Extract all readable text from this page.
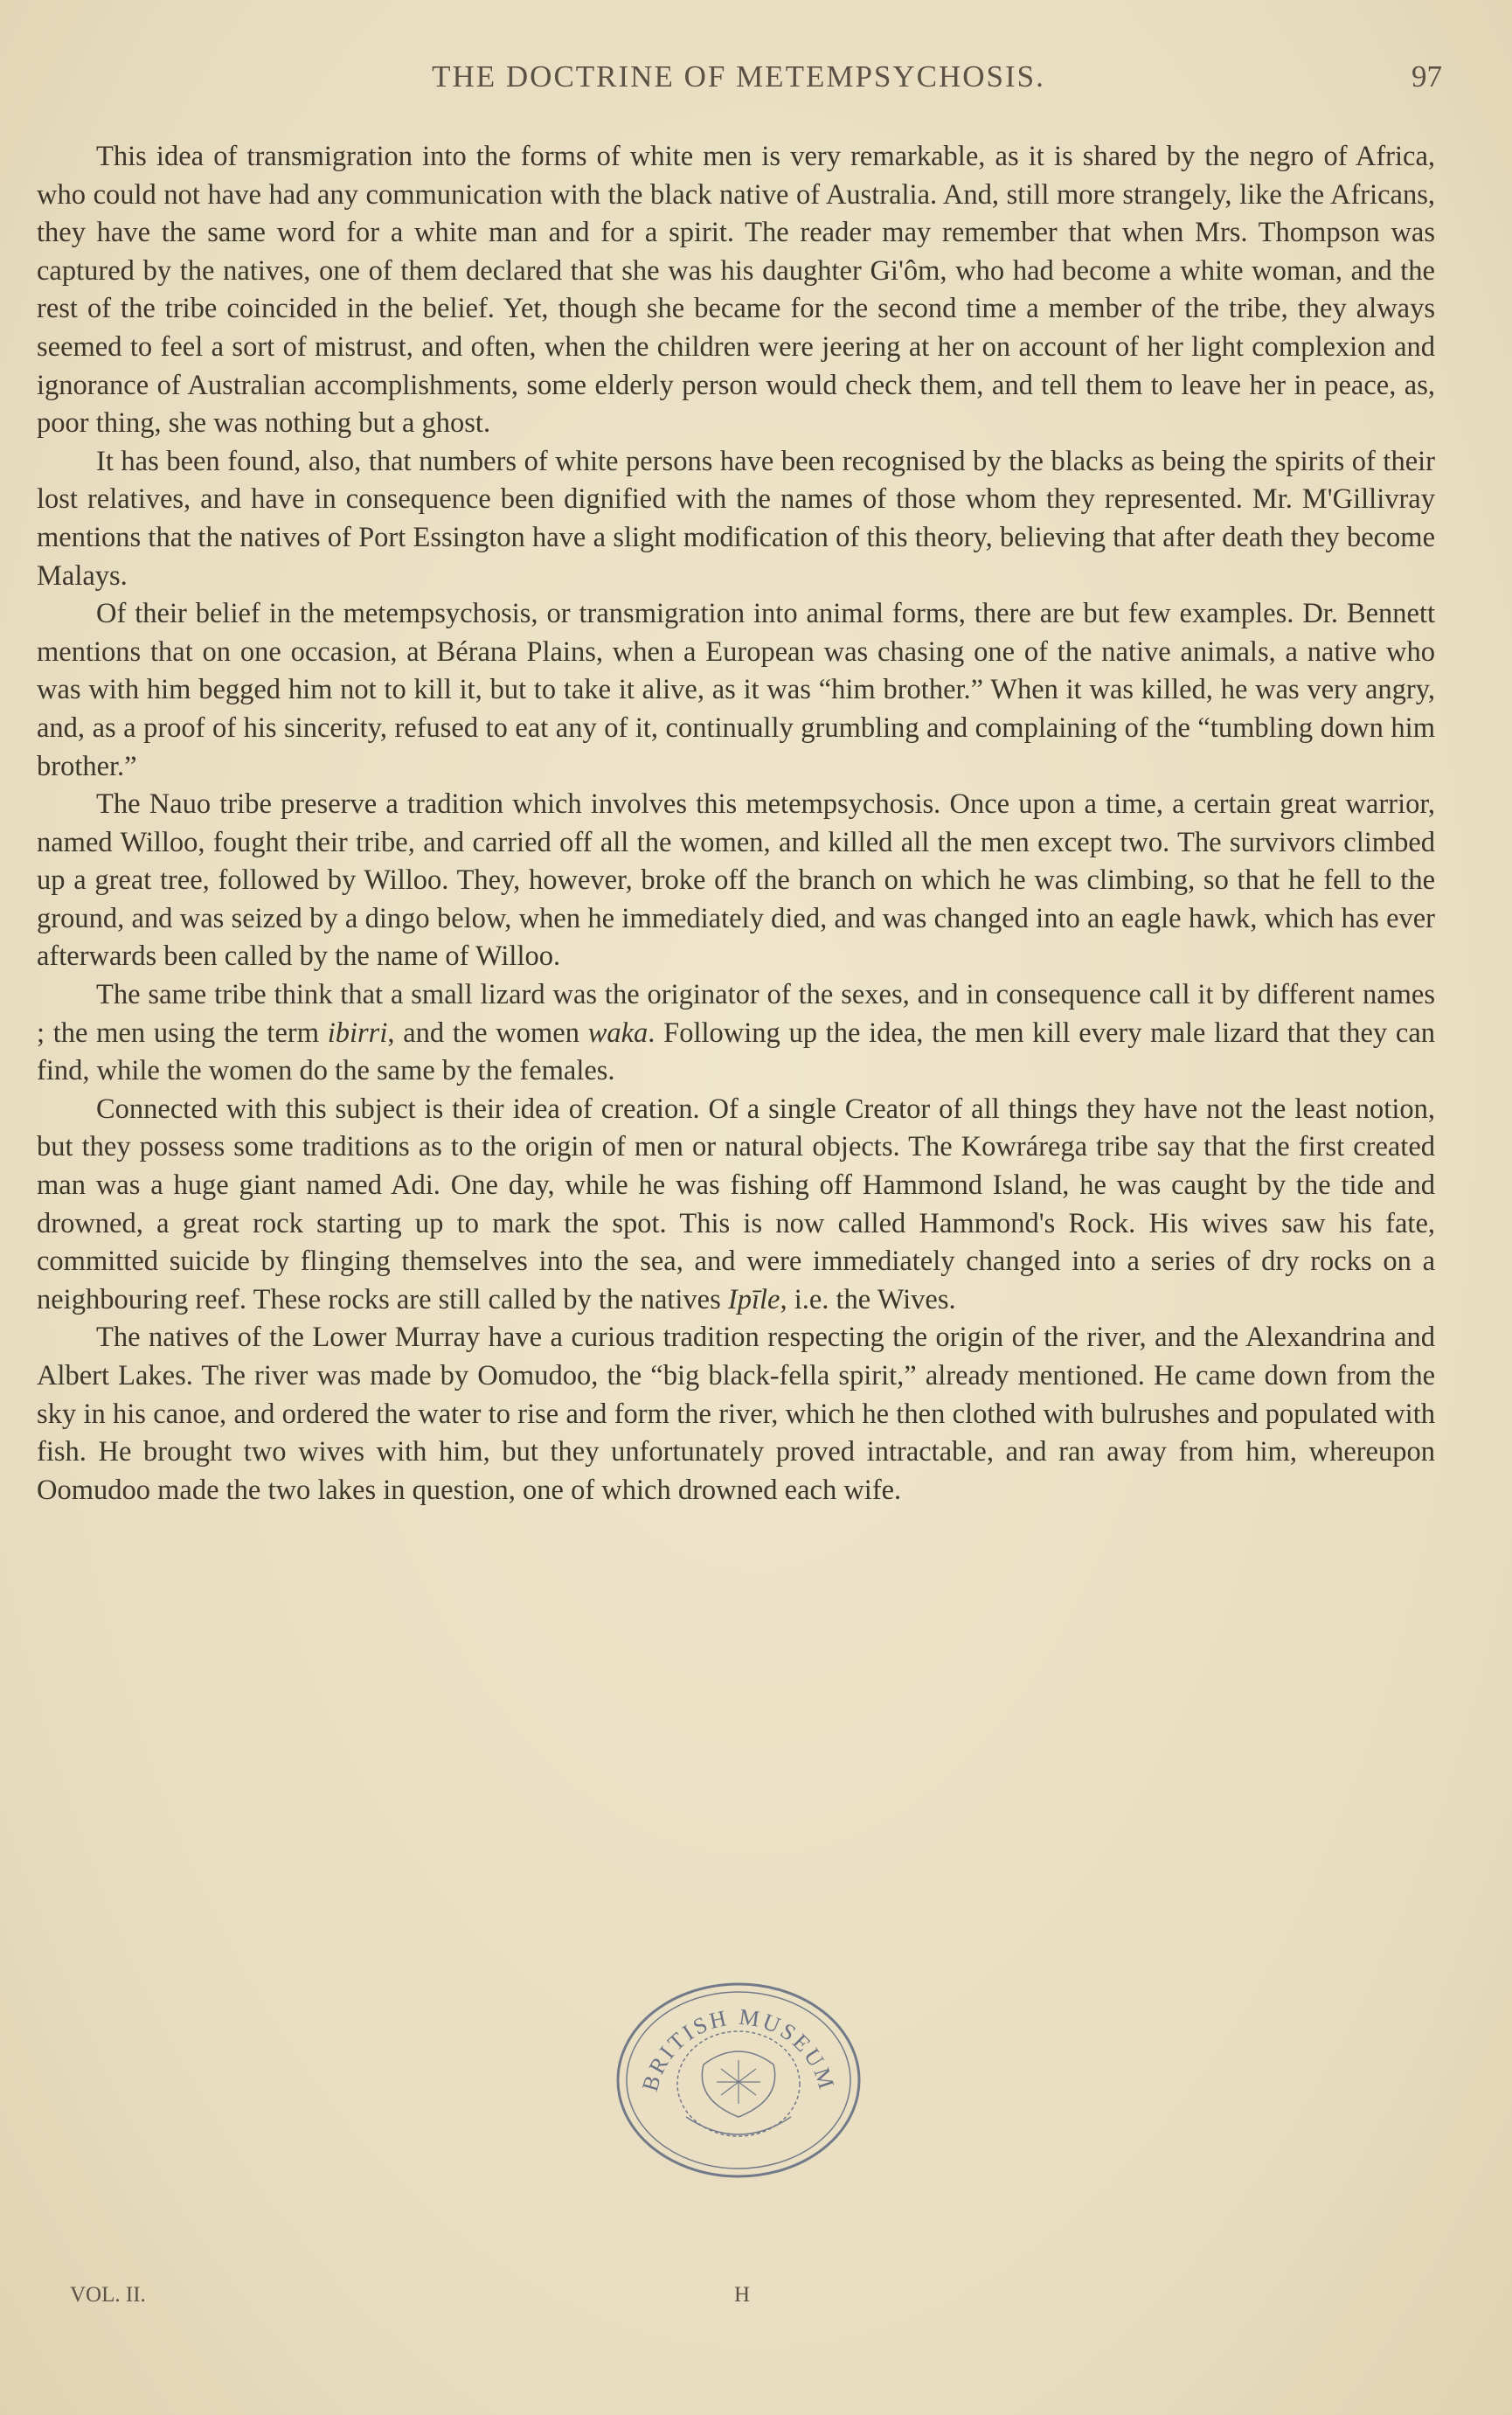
THE DOCTRINE OF METEMPSYCHOSIS.	97

This idea of transmigration into the forms of white men is very remarkable, as it is shared by the negro of Africa, who could not have had any communication with the black native of Australia. And, still more strangely, like the Africans, they have the same word for a white man and for a spirit. The reader may remember that when Mrs. Thompson was captured by the natives, one of them declared that she was his daughter Gi'ôm, who had become a white woman, and the rest of the tribe coincided in the belief. Yet, though she became for the second time a member of the tribe, they always seemed to feel a sort of mistrust, and often, when the children were jeering at her on account of her light complexion and ignorance of Australian accomplishments, some elderly person would check them, and tell them to leave her in peace, as, poor thing, she was nothing but a ghost.

It has been found, also, that numbers of white persons have been recognised by the blacks as being the spirits of their lost relatives, and have in consequence been dignified with the names of those whom they represented. Mr. M'Gillivray mentions that the natives of Port Essington have a slight modification of this theory, believing that after death they become Malays.

Of their belief in the metempsychosis, or transmigration into animal forms, there are but few examples. Dr. Bennett mentions that on one occasion, at Bérana Plains, when a European was chasing one of the native animals, a native who was with him begged him not to kill it, but to take it alive, as it was “him brother.” When it was killed, he was very angry, and, as a proof of his sincerity, refused to eat any of it, continually grumbling and complaining of the “tumbling down him brother.”

The Nauo tribe preserve a tradition which involves this metempsychosis. Once upon a time, a certain great warrior, named Willoo, fought their tribe, and carried off all the women, and killed all the men except two. The survivors climbed up a great tree, followed by Willoo. They, however, broke off the branch on which he was climbing, so that he fell to the ground, and was seized by a dingo below, when he immediately died, and was changed into an eagle hawk, which has ever afterwards been called by the name of Willoo.

The same tribe think that a small lizard was the originator of the sexes, and in consequence call it by different names ; the men using the term ibirri, and the women waka. Following up the idea, the men kill every male lizard that they can find, while the women do the same by the females.

Connected with this subject is their idea of creation. Of a single Creator of all things they have not the least notion, but they possess some traditions as to the origin of men or natural objects. The Kowrárega tribe say that the first created man was a huge giant named Adi. One day, while he was fishing off Hammond Island, he was caught by the tide and drowned, a great rock starting up to mark the spot. This is now called Hammond's Rock. His wives saw his fate, committed suicide by flinging themselves into the sea, and were immediately changed into a series of dry rocks on a neighbouring reef. These rocks are still called by the natives Ipīle, i.e. the Wives.

The natives of the Lower Murray have a curious tradition respecting the origin of the river, and the Alexandrina and Albert Lakes. The river was made by Oomudoo, the “big black-fella spirit,” already mentioned. He came down from the sky in his canoe, and ordered the water to rise and form the river, which he then clothed with bulrushes and populated with fish. He brought two wives with him, but they unfortunately proved intractable, and ran away from him, whereupon Oomudoo made the two lakes in question, one of which drowned each wife.

BRITISH MUSEUM
VOL. II.	H
